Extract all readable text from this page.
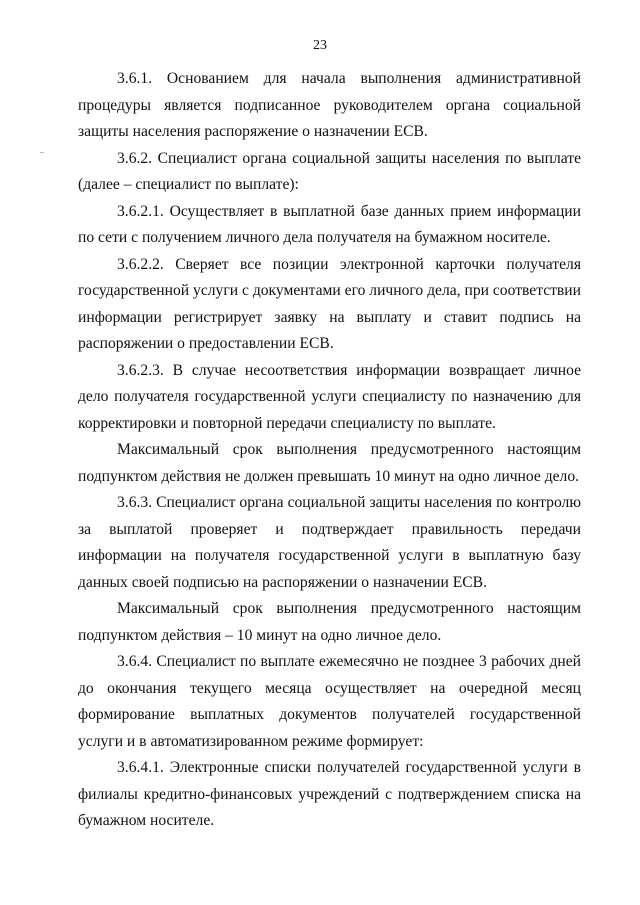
23

3.6.1. Основанием для начала выполнения административной процедуры является подписанное руководителем органа социальной защиты населения распоряжение о назначении ЕСВ.

3.6.2. Специалист органа социальной защиты населения по выплате (далее – специалист по выплате):

3.6.2.1. Осуществляет в выплатной базе данных прием информации по сети с получением личного дела получателя на бумажном носителе.

3.6.2.2. Сверяет все позиции электронной карточки получателя государственной услуги с документами его личного дела, при соответствии информации регистрирует заявку на выплату и ставит подпись на распоряжении о предоставлении ЕСВ.

3.6.2.3. В случае несоответствия информации возвращает личное дело получателя государственной услуги специалисту по назначению для корректировки и повторной передачи специалисту по выплате.

Максимальный срок выполнения предусмотренного настоящим подпунктом действия не должен превышать 10 минут на одно личное дело.

3.6.3. Специалист органа социальной защиты населения по контролю за выплатой проверяет и подтверждает правильность передачи информации на получателя государственной услуги в выплатную базу данных своей подписью на распоряжении о назначении ЕСВ.

Максимальный срок выполнения предусмотренного настоящим подпунктом действия – 10 минут на одно личное дело.

3.6.4. Специалист по выплате ежемесячно не позднее 3 рабочих дней до окончания текущего месяца осуществляет на очередной месяц формирование выплатных документов получателей государственной услуги и в автоматизированном режиме формирует:

3.6.4.1. Электронные списки получателей государственной услуги в филиалы кредитно-финансовых учреждений с подтверждением списка на бумажном носителе.
